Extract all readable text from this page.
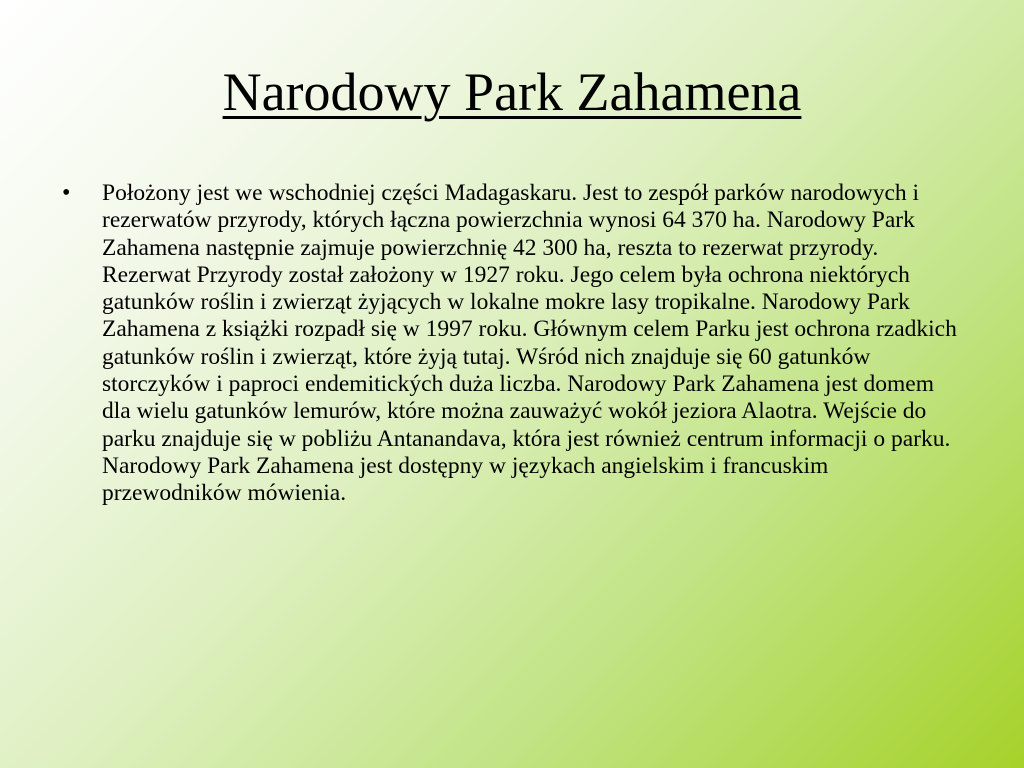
Narodowy Park Zahamena
•	Położony jest we wschodniej części Madagaskaru. Jest to zespół parków narodowych i rezerwatów przyrody, których łączna powierzchnia wynosi 64 370 ha. Narodowy Park Zahamena następnie zajmuje powierzchnię 42 300 ha, reszta to rezerwat przyrody. Rezerwat Przyrody został założony w 1927 roku. Jego celem była ochrona niektórych gatunków roślin i zwierząt żyjących w lokalne mokre lasy tropikalne. Narodowy Park Zahamena z książki rozpadł się w 1997 roku. Głównym celem Parku jest ochrona rzadkich gatunków roślin i zwierząt, które żyją tutaj. Wśród nich znajduje się 60 gatunków storczyków i paproci endemitických duża liczba. Narodowy Park Zahamena jest domem dla wielu gatunków lemurów, które można zauważyć wokół jeziora Alaotra. Wejście do parku znajduje się w pobliżu Antanandava, która jest również centrum informacji o parku. Narodowy Park Zahamena jest dostępny w językach angielskim i francuskim przewodników mówienia.
